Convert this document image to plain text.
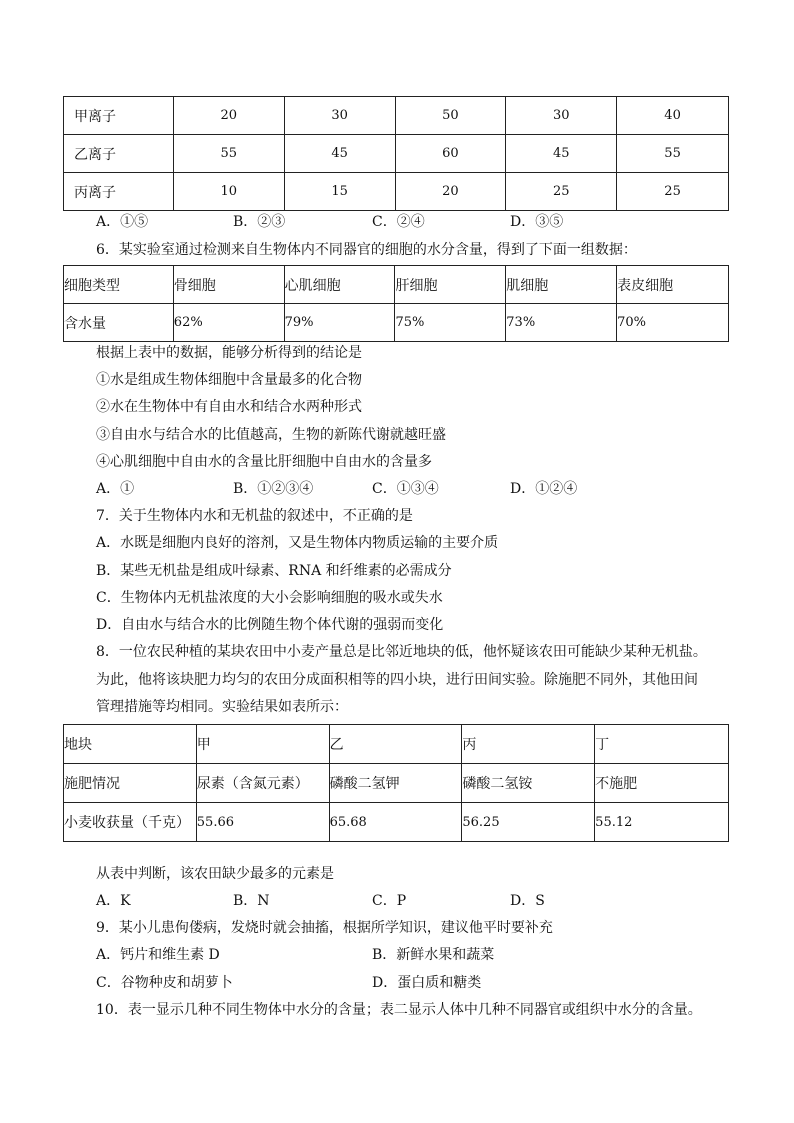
甲离子	20	30	50	30	40
乙离子	55	45	60	45	55
丙离子	10	15	20	25	25
A．①⑤	B．②③	C．②④	D．③⑤
6．某实验室通过检测来自生物体内不同器官的细胞的水分含量，得到了下面一组数据：
细胞类型	骨细胞	心肌细胞	肝细胞	肌细胞	表皮细胞
含水量	62%	79%	75%	73%	70%
根据上表中的数据，能够分析得到的结论是
①水是组成生物体细胞中含量最多的化合物
②水在生物体中有自由水和结合水两种形式
③自由水与结合水的比值越高，生物的新陈代谢就越旺盛
④心肌细胞中自由水的含量比肝细胞中自由水的含量多
A．①	B．①②③④	C．①③④	D．①②④
7．关于生物体内水和无机盐的叙述中，不正确的是
A．水既是细胞内良好的溶剂，又是生物体内物质运输的主要介质
B．某些无机盐是组成叶绿素、RNA 和纤维素的必需成分
C．生物体内无机盐浓度的大小会影响细胞的吸水或失水
D．自由水与结合水的比例随生物个体代谢的强弱而变化
8．一位农民种植的某块农田中小麦产量总是比邻近地块的低，他怀疑该农田可能缺少某种无机盐。
为此，他将该块肥力均匀的农田分成面积相等的四小块，进行田间实验。除施肥不同外，其他田间
管理措施等均相同。实验结果如表所示：
地块	甲	乙	丙	丁
施肥情况	尿素（含氮元素）	磷酸二氢钾	磷酸二氢铵	不施肥
小麦收获量（千克）	55.66	65.68	56.25	55.12
从表中判断，该农田缺少最多的元素是
A．K	B．N	C．P	D．S
9．某小儿患佝偻病，发烧时就会抽搐，根据所学知识，建议他平时要补充
A．钙片和维生素 D	B．新鲜水果和蔬菜
C．谷物种皮和胡萝卜	D．蛋白质和糖类
10．表一显示几种不同生物体中水分的含量；表二显示人体中几种不同器官或组织中水分的含量。
